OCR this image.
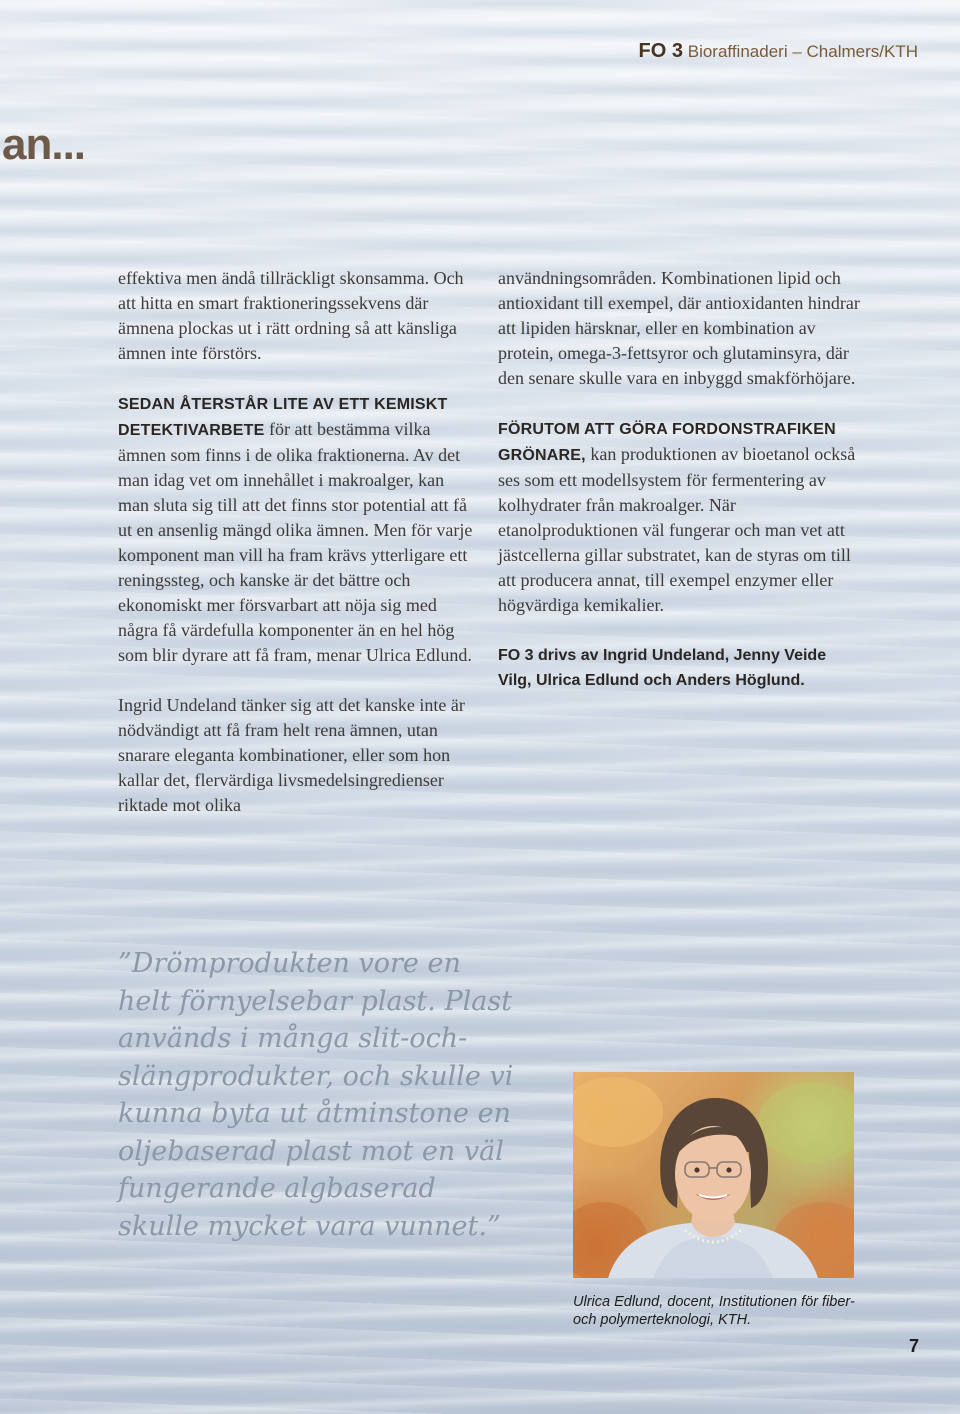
FO 3 Bioraffinaderi – Chalmers/KTH
an...

effektiva men ändå tillräckligt skonsamma. Och att hitta en smart fraktioneringssekvens där ämnena plockas ut i rätt ordning så att känsliga ämnen inte förstörs.

SEDAN ÅTERSTÅR LITE AV ETT KEMISKT DETEKTIVARBETE för att bestämma vilka ämnen som finns i de olika fraktionerna. Av det man idag vet om innehållet i makroalger, kan man sluta sig till att det finns stor potential att få ut en ansenlig mängd olika ämnen. Men för varje komponent man vill ha fram krävs ytterligare ett reningssteg, och kanske är det bättre och ekonomiskt mer försvarbart att nöja sig med några få värdefulla komponenter än en hel hög som blir dyrare att få fram, menar Ulrica Edlund.

Ingrid Undeland tänker sig att det kanske inte är nödvändigt att få fram helt rena ämnen, utan snarare eleganta kombinationer, eller som hon kallar det, flervärdiga livsmedelsingredienser riktade mot olika

användningsområden. Kombinationen lipid och antioxidant till exempel, där antioxidanten hindrar att lipiden härsknar, eller en kombination av protein, omega-3-fettsyror och glutaminsyra, där den senare skulle vara en inbyggd smakförhöjare.

FÖRUTOM ATT GÖRA FORDONSTRAFIKEN GRÖNARE, kan produktionen av bioetanol också ses som ett modellsystem för fermentering av kolhydrater från makroalger. När etanolproduktionen väl fungerar och man vet att jästcellerna gillar substratet, kan de styras om till att producera annat, till exempel enzymer eller högvärdiga kemikalier.

FO 3 drivs av Ingrid Undeland, Jenny Veide Vilg, Ulrica Edlund och Anders Höglund.

”Drömprodukten vore en helt förnyelsebar plast. Plast används i många slit-och-slängprodukter, och skulle vi kunna byta ut åtminstone en oljebaserad plast mot en väl fungerande algbaserad skulle mycket vara vunnet.”
Ulrica Edlund, docent, Institutionen för fiber- och polymerteknologi, KTH.
7
